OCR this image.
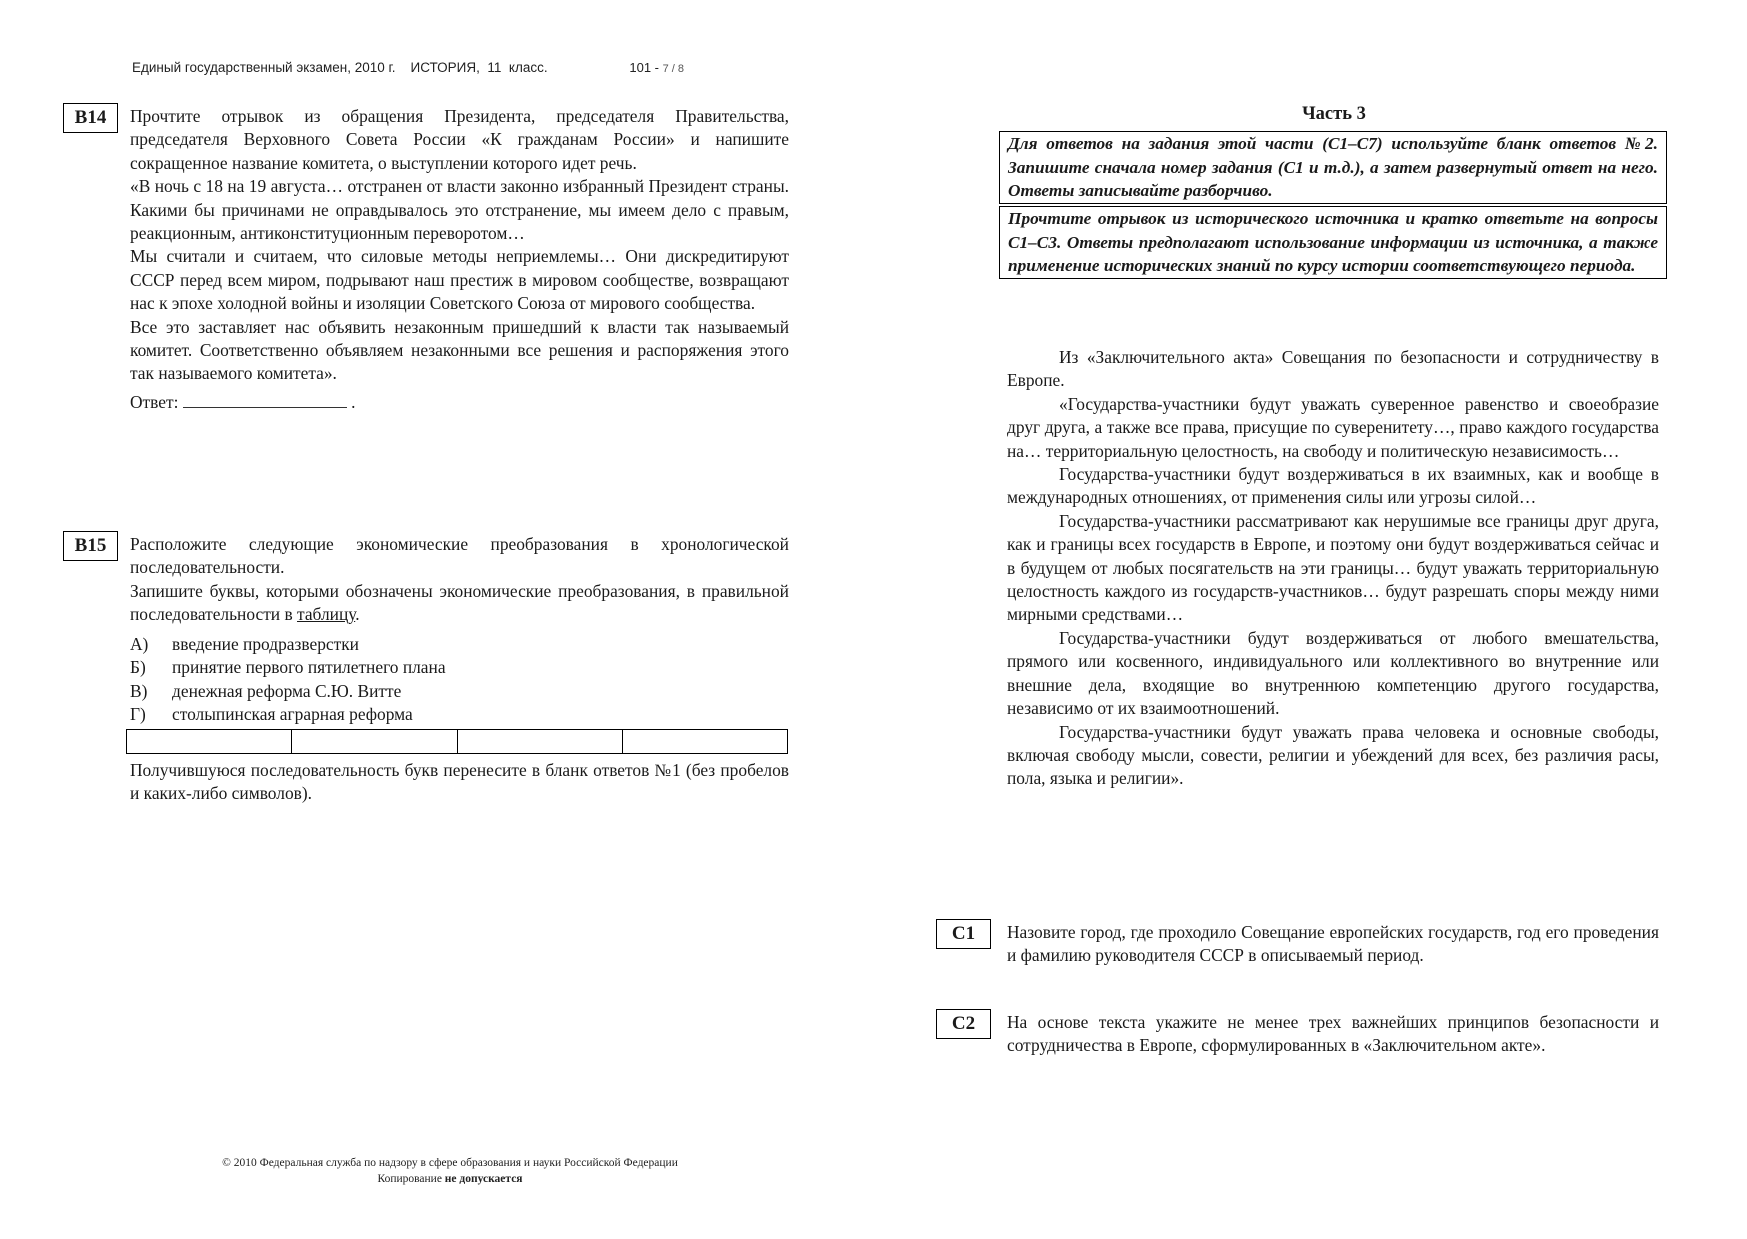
Единый государственный экзамен, 2010 г.    ИСТОРИЯ,  11  класс.	101 - 7 / 8
B14	Прочтите отрывок из обращения Президента, председателя Правительства, председателя Верховного Совета России «К гражданам России» и напишите сокращенное название комитета, о выступлении которого идет речь.

«В ночь с 18 на 19 августа… отстранен от власти законно избранный Президент страны. Какими бы причинами не оправдывалось это отстранение, мы имеем дело с правым, реакционным, антиконституционным переворотом…

Мы считали и считаем, что силовые методы неприемлемы… Они дискредитируют СССР перед всем миром, подрывают наш престиж в мировом сообществе, возвращают нас к эпохе холодной войны и изоляции Советского Союза от мирового сообщества.

Все это заставляет нас объявить незаконным пришедший к власти так называемый комитет. Соответственно объявляем незаконными все решения и распоряжения этого так называемого комитета».

Ответ:	.

B15	Расположите следующие экономические преобразования в хронологической последовательности.

Запишите буквы, которыми обозначены экономические преобразования, в правильной последовательности в таблицу.

А)	введение продразверстки
Б)	принятие первого пятилетнего плана
В)	денежная реформа С.Ю. Витте
Г)	столыпинская аграрная реформа
Получившуюся последовательность букв перенесите в бланк ответов №1 (без пробелов и каких-либо символов).
Часть 3
Для ответов на задания этой части (С1–С7) используйте бланк ответов №2. Запишите сначала номер задания (С1 и т.д.), а затем развернутый ответ на него. Ответы записывайте разборчиво.
Прочтите отрывок из исторического источника и кратко ответьте на вопросы С1–С3. Ответы предполагают использование информации из источника, а также применение исторических знаний по курсу истории соответствующего периода.

Из «Заключительного акта» Совещания по безопасности и сотрудничеству в Европе.

«Государства-участники будут уважать суверенное равенство и своеобразие друг друга, а также все права, присущие по суверенитету…, право каждого государства на… территориальную целостность, на свободу и политическую независимость…

Государства-участники будут воздерживаться в их взаимных, как и вообще в международных отношениях, от применения силы или угрозы силой…

Государства-участники рассматривают как нерушимые все границы друг друга, как и границы всех государств в Европе, и поэтому они будут воздерживаться сейчас и в будущем от любых посягательств на эти границы… будут уважать территориальную целостность каждого из государств-участников… будут разрешать споры между ними мирными средствами…

Государства-участники будут воздерживаться от любого вмешательства, прямого или косвенного, индивидуального или коллективного во внутренние или внешние дела, входящие во внутреннюю компетенцию другого государства, независимо от их взаимоотношений.

Государства-участники будут уважать права человека и основные свободы, включая свободу мысли, совести, религии и убеждений для всех, без различия расы, пола, языка и религии».

C1	Назовите город, где проходило Совещание европейских государств, год его проведения и фамилию руководителя СССР в описываемый период.
C2	На основе текста укажите не менее трех важнейших принципов безопасности и сотрудничества в Европе, сформулированных в «Заключительном акте».
© 2010 Федеральная служба по надзору в сфере образования и науки Российской Федерации
Копирование не допускается
